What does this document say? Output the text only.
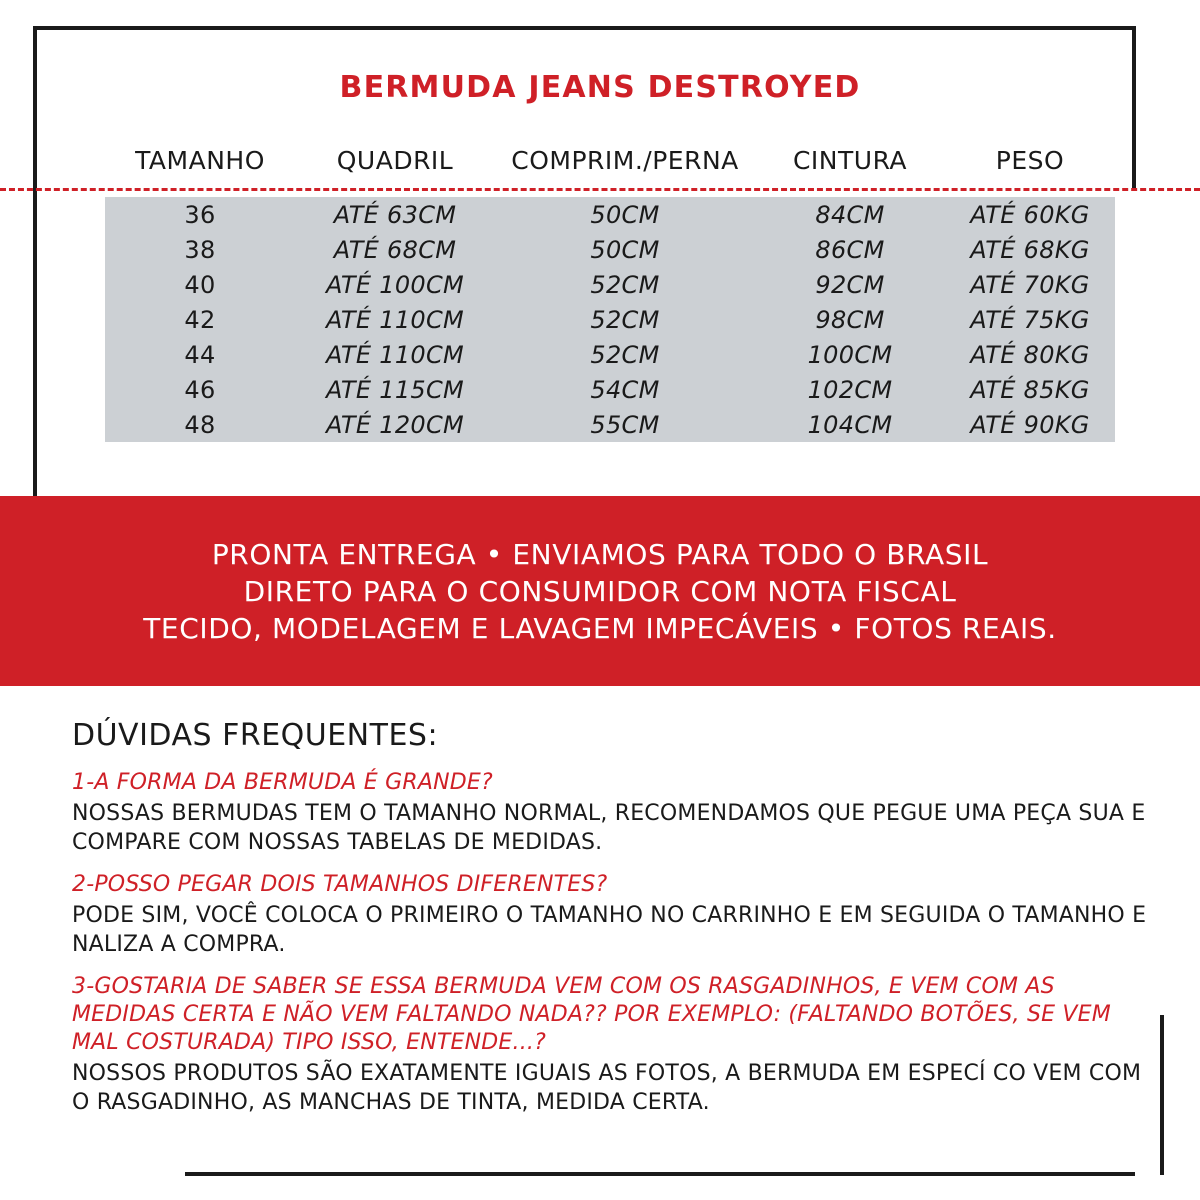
BERMUDA JEANS DESTROYED
TAMANHO	QUADRIL	COMPRIM./PERNA	CINTURA	PESO
36	ATÉ 63CM	50CM	84CM	ATÉ 60KG
38	ATÉ 68CM	50CM	86CM	ATÉ 68KG
40	ATÉ 100CM	52CM	92CM	ATÉ 70KG
42	ATÉ 110CM	52CM	98CM	ATÉ 75KG
44	ATÉ 110CM	52CM	100CM	ATÉ 80KG
46	ATÉ 115CM	54CM	102CM	ATÉ 85KG
48	ATÉ 120CM	55CM	104CM	ATÉ 90KG
PRONTA ENTREGA • ENVIAMOS PARA TODO O BRASIL
DIRETO PARA O CONSUMIDOR COM NOTA FISCAL
TECIDO, MODELAGEM E LAVAGEM IMPECÁVEIS • FOTOS REAIS.
DÚVIDAS FREQUENTES:
1-A FORMA DA BERMUDA É GRANDE?
NOSSAS BERMUDAS TEM O TAMANHO NORMAL, RECOMENDAMOS QUE PEGUE UMA PEÇA SUA E COMPARE COM NOSSAS TABELAS DE MEDIDAS.
2-POSSO PEGAR DOIS TAMANHOS DIFERENTES?
PODE SIM, VOCÊ COLOCA O PRIMEIRO O TAMANHO NO CARRINHO E EM SEGUIDA O TAMANHO E NALIZA A COMPRA.
3-GOSTARIA DE SABER SE ESSA BERMUDA VEM COM OS RASGADINHOS, E VEM COM AS MEDIDAS CERTA E NÃO VEM FALTANDO NADA?? POR EXEMPLO: (FALTANDO BOTÕES, SE VEM MAL COSTURADA) TIPO ISSO, ENTENDE...?
NOSSOS PRODUTOS SÃO EXATAMENTE IGUAIS AS FOTOS, A BERMUDA EM ESPECÍ CO VEM COM O RASGADINHO, AS MANCHAS DE TINTA, MEDIDA CERTA.
